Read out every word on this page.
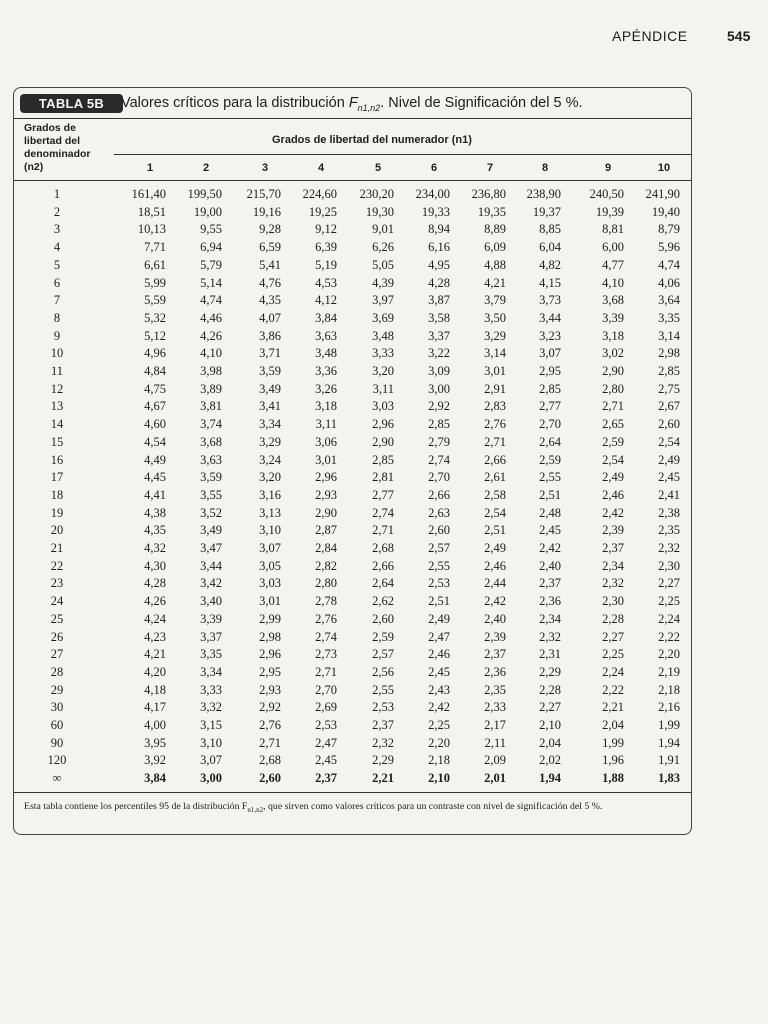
APÉNDICE	545
TABLA 5B	Valores críticos para la distribución $F_{n1,n2}$. Nivel de Significación del 5 %.
Grados de
libertad del
denominador
(n2)
Grados de libertad del numerador (n1)
1	2	3	4	5	6	7	8	9	10
1	161,40	199,50	215,70	224,60	230,20	234,00	236,80	238,90	240,50	241,90
2	18,51	19,00	19,16	19,25	19,30	19,33	19,35	19,37	19,39	19,40
3	10,13	9,55	9,28	9,12	9,01	8,94	8,89	8,85	8,81	8,79
4	7,71	6,94	6,59	6,39	6,26	6,16	6,09	6,04	6,00	5,96
5	6,61	5,79	5,41	5,19	5,05	4,95	4,88	4,82	4,77	4,74
6	5,99	5,14	4,76	4,53	4,39	4,28	4,21	4,15	4,10	4,06
7	5,59	4,74	4,35	4,12	3,97	3,87	3,79	3,73	3,68	3,64
8	5,32	4,46	4,07	3,84	3,69	3,58	3,50	3,44	3,39	3,35
9	5,12	4,26	3,86	3,63	3,48	3,37	3,29	3,23	3,18	3,14
10	4,96	4,10	3,71	3,48	3,33	3,22	3,14	3,07	3,02	2,98
11	4,84	3,98	3,59	3,36	3,20	3,09	3,01	2,95	2,90	2,85
12	4,75	3,89	3,49	3,26	3,11	3,00	2,91	2,85	2,80	2,75
13	4,67	3,81	3,41	3,18	3,03	2,92	2,83	2,77	2,71	2,67
14	4,60	3,74	3,34	3,11	2,96	2,85	2,76	2,70	2,65	2,60
15	4,54	3,68	3,29	3,06	2,90	2,79	2,71	2,64	2,59	2,54
16	4,49	3,63	3,24	3,01	2,85	2,74	2,66	2,59	2,54	2,49
17	4,45	3,59	3,20	2,96	2,81	2,70	2,61	2,55	2,49	2,45
18	4,41	3,55	3,16	2,93	2,77	2,66	2,58	2,51	2,46	2,41
19	4,38	3,52	3,13	2,90	2,74	2,63	2,54	2,48	2,42	2,38
20	4,35	3,49	3,10	2,87	2,71	2,60	2,51	2,45	2,39	2,35
21	4,32	3,47	3,07	2,84	2,68	2,57	2,49	2,42	2,37	2,32
22	4,30	3,44	3,05	2,82	2,66	2,55	2,46	2,40	2,34	2,30
23	4,28	3,42	3,03	2,80	2,64	2,53	2,44	2,37	2,32	2,27
24	4,26	3,40	3,01	2,78	2,62	2,51	2,42	2,36	2,30	2,25
25	4,24	3,39	2,99	2,76	2,60	2,49	2,40	2,34	2,28	2,24
26	4,23	3,37	2,98	2,74	2,59	2,47	2,39	2,32	2,27	2,22
27	4,21	3,35	2,96	2,73	2,57	2,46	2,37	2,31	2,25	2,20
28	4,20	3,34	2,95	2,71	2,56	2,45	2,36	2,29	2,24	2,19
29	4,18	3,33	2,93	2,70	2,55	2,43	2,35	2,28	2,22	2,18
30	4,17	3,32	2,92	2,69	2,53	2,42	2,33	2,27	2,21	2,16
60	4,00	3,15	2,76	2,53	2,37	2,25	2,17	2,10	2,04	1,99
90	3,95	3,10	2,71	2,47	2,32	2,20	2,11	2,04	1,99	1,94
120	3,92	3,07	2,68	2,45	2,29	2,18	2,09	2,02	1,96	1,91
∞	3,84	3,00	2,60	2,37	2,21	2,10	2,01	1,94	1,88	1,83
Esta tabla contiene los percentiles 95 de la distribución $F_{n1,n2}$, que sirven como valores críticos para un contraste con nivel de significación del 5 %.
